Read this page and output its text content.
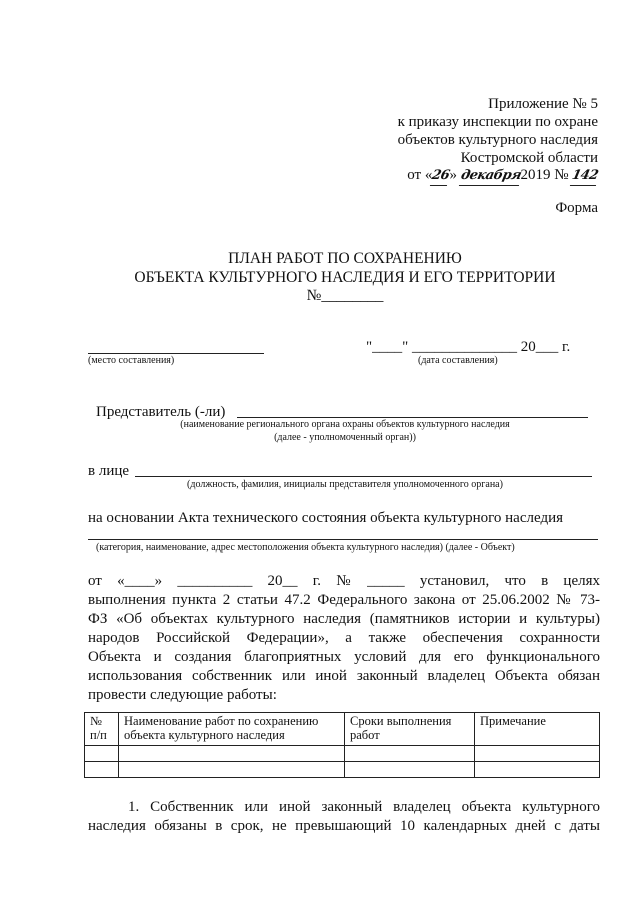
Приложение № 5
к приказу инспекции по охране
объектов культурного наследия
Костромской области
от «26» декабря2019 № 142
Форма
ПЛАН РАБОТ ПО СОХРАНЕНИЮ
ОБЪЕКТА КУЛЬТУРНОГО НАСЛЕДИЯ И ЕГО ТЕРРИТОРИИ
№________
(место составления)
"____" ______________ 20___ г.
(дата составления)
Представитель (-ли)
(наименование регионального органа охраны объектов культурного наследия
(далее - уполномоченный орган))
в лице
(должность, фамилия, инициалы представителя уполномоченного органа)
на основании Акта технического состояния объекта культурного наследия
(категория, наименование, адрес местоположения объекта культурного наследия) (далее - Объект)
от   «____»   __________   20__   г.   №   _____   установил,   что   в   целях
выполнения пункта 2 статьи 47.2 Федерального закона от 25.06.2002 № 73-
ФЗ «Об объектах культурного наследия (памятников истории и культуры)
народов Российской Федерации», а также обеспечения сохранности
Объекта и создания благоприятных условий для его функционального
использования собственник или иной законный владелец Объекта обязан
провести следующие работы:
№ п/п	Наименование работ по сохранению объекта культурного наследия	Сроки выполнения работ	Примечание

1. Собственник или иной законный владелец объекта культурного
наследия обязаны в срок, не превышающий 10 календарных дней с даты
